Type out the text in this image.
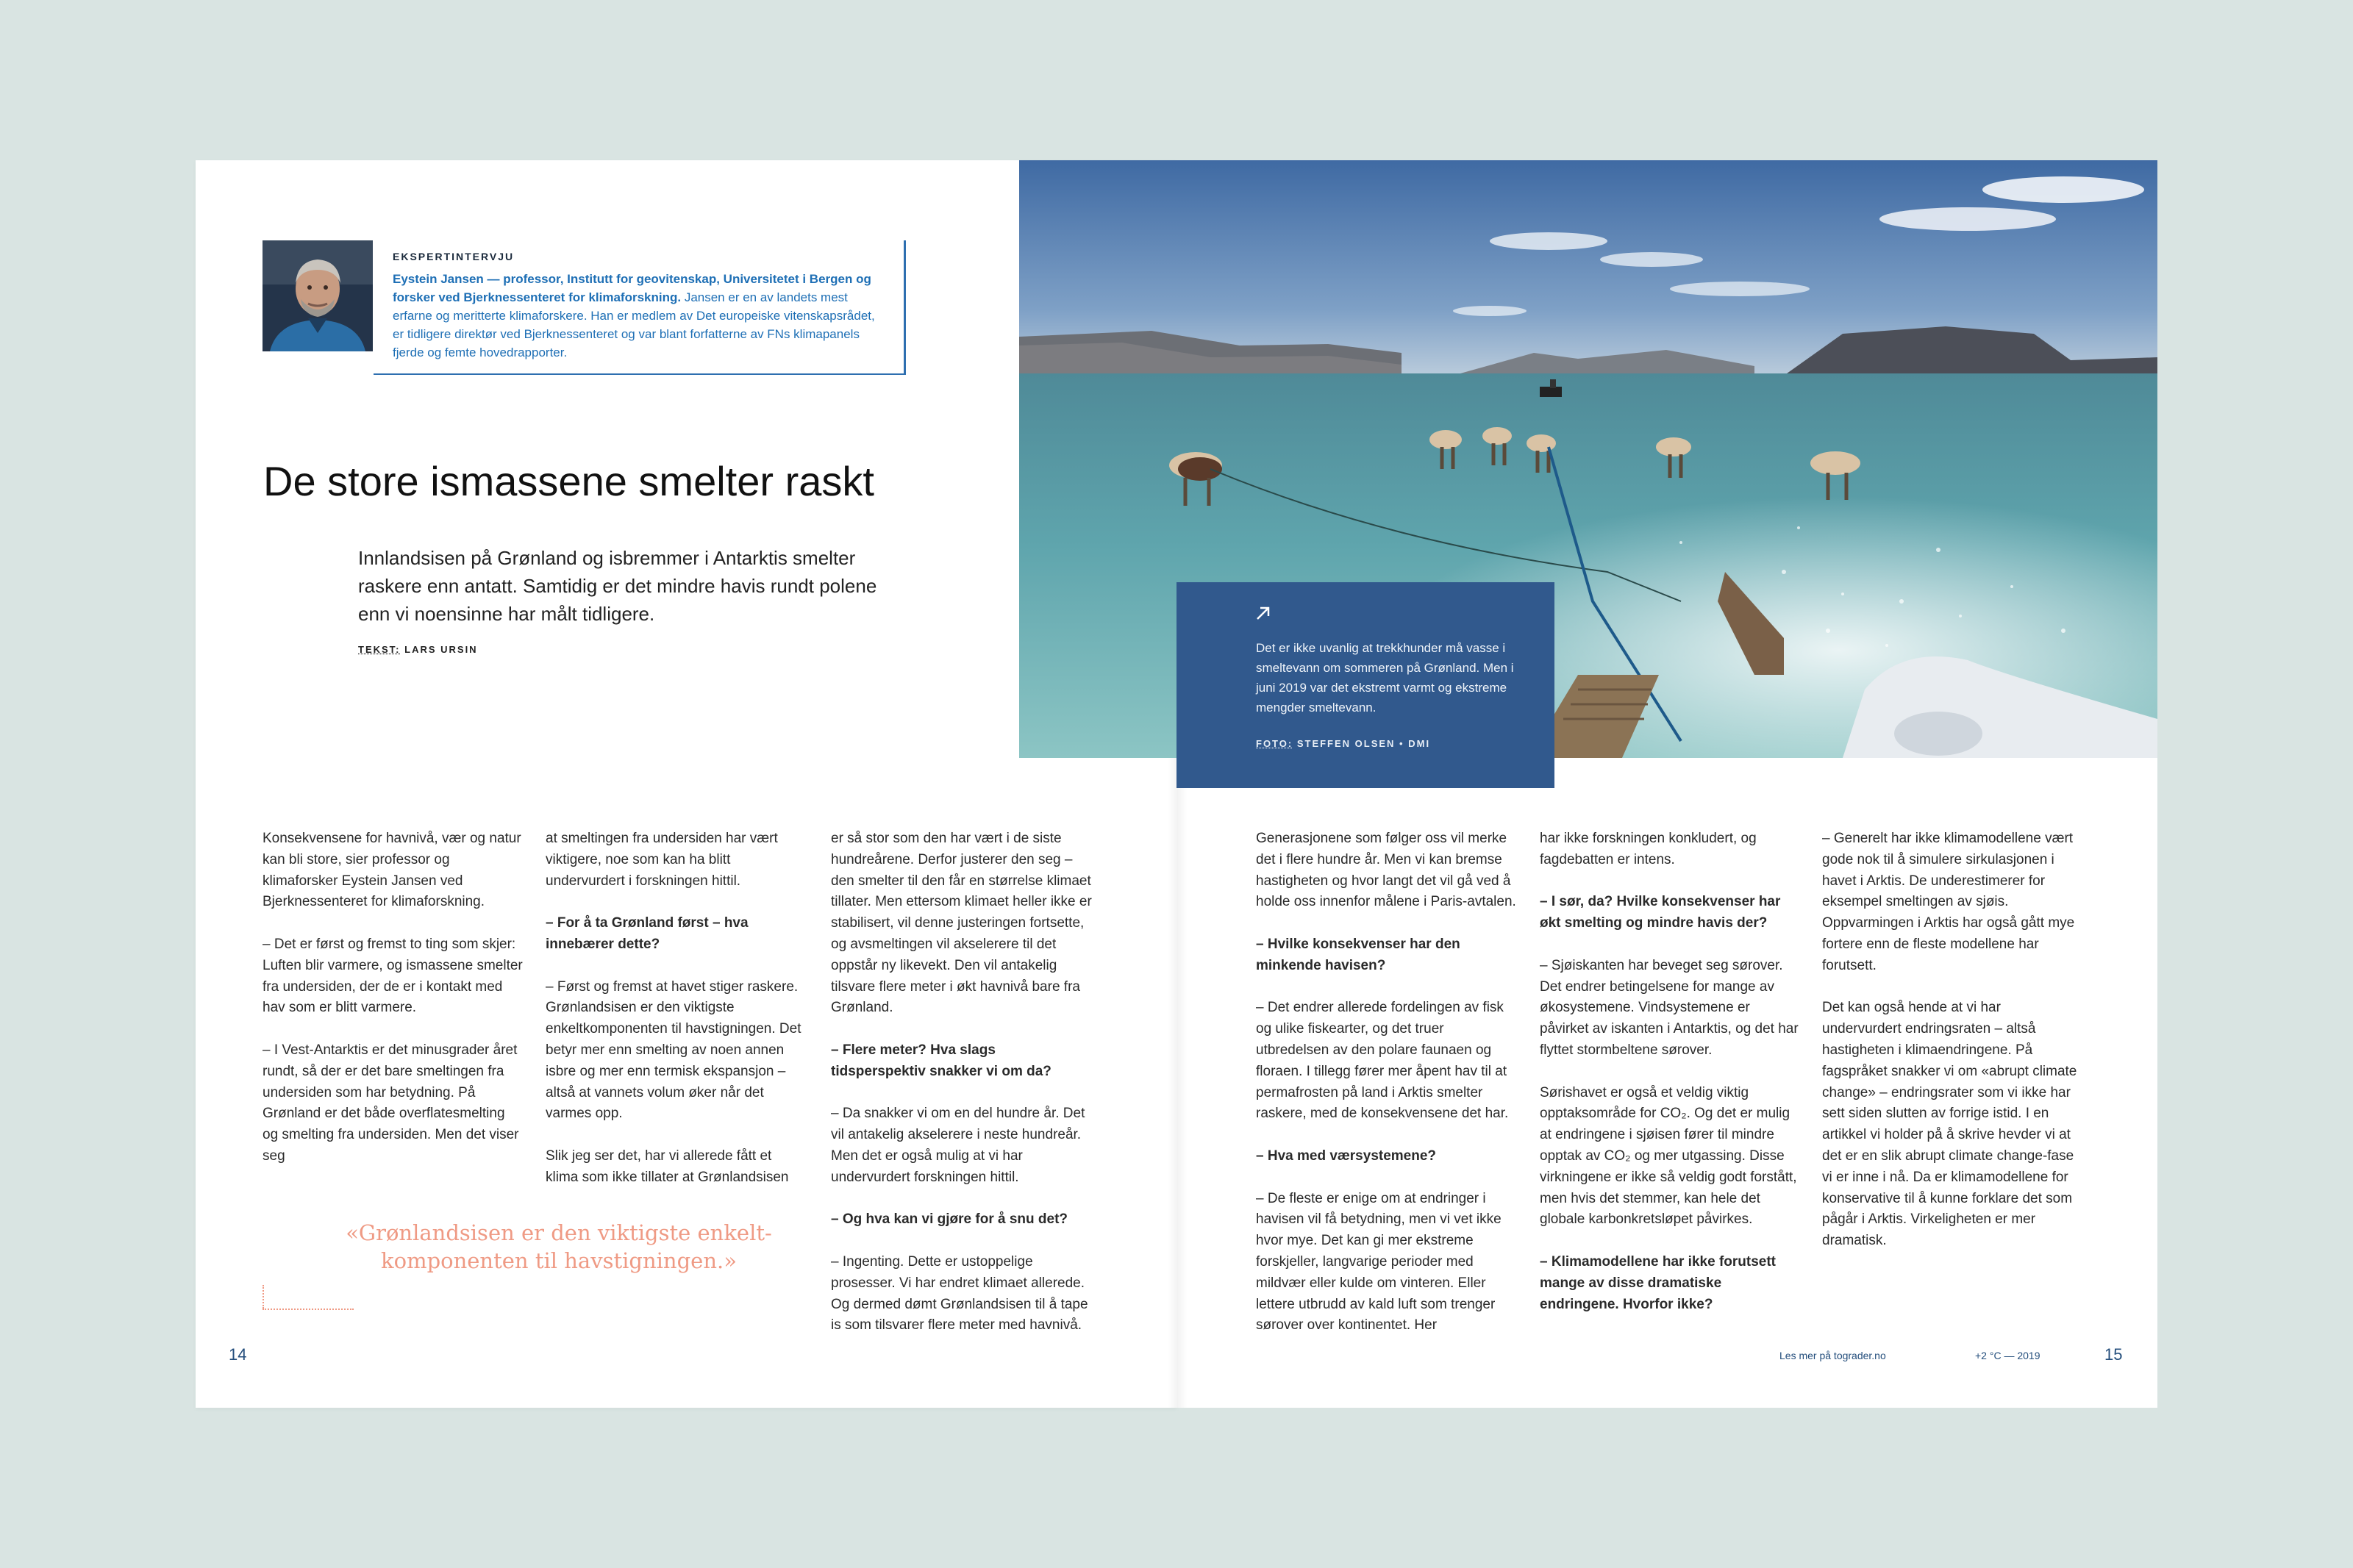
EKSPERTINTERVJU
Eystein Jansen — professor, Institutt for geovitenskap, Universitetet i Bergen og forsker ved Bjerknessenteret for klimaforskning. Jansen er en av landets mest erfarne og meritterte klimaforskere. Han er medlem av Det europeiske vitenskapsrådet, er tidligere direktør ved Bjerknessenteret og var blant forfatterne av FNs klimapanels fjerde og femte hovedrapporter.
De store ismassene smelter raskt
Innlandsisen på Grønland og isbremmer i Antarktis smelter raskere enn antatt. Samtidig er det mindre havis rundt polene enn vi noensinne har målt tidligere.
TEKST: LARS URSIN	Det er ikke uvanlig at trekkhunder må vasse i smeltevann om sommeren på Grønland. Men i juni 2019 var det ekstremt varmt og ekstreme mengder smeltevann.
FOTO: STEFFEN OLSEN • DMI

Konsekvensene for havnivå, vær og natur kan bli store, sier professor og klimaforsker Eystein Jansen ved Bjerknessenteret for klimaforskning.

– Det er først og fremst to ting som skjer: Luften blir varmere, og ismassene smelter fra undersiden, der de er i kontakt med hav som er blitt varmere.

– I Vest-Antarktis er det minusgrader året rundt, så der er det bare smeltingen fra undersiden som har betydning. På Grønland er det både overflatesmelting og smelting fra undersiden. Men det viser seg

at smeltingen fra undersiden har vært viktigere, noe som kan ha blitt undervurdert i forskningen hittil.

– For å ta Grønland først – hva innebærer dette?

– Først og fremst at havet stiger raskere. Grønlandsisen er den viktigste enkeltkomponenten til havstigningen. Det betyr mer enn smelting av noen annen isbre og mer enn termisk ekspansjon – altså at vannets volum øker når det varmes opp.

Slik jeg ser det, har vi allerede fått et klima som ikke tillater at Grønlandsisen

er så stor som den har vært i de siste hundreårene. Derfor justerer den seg – den smelter til den får en størrelse klimaet tillater. Men ettersom klimaet heller ikke er stabilisert, vil denne justeringen fortsette, og avsmeltingen vil akselerere til det oppstår ny likevekt. Den vil antakelig tilsvare flere meter i økt havnivå bare fra Grønland.

– Flere meter? Hva slags tidsperspektiv snakker vi om da?

– Da snakker vi om en del hundre år. Det vil antakelig akselerere i neste hundreår. Men det er også mulig at vi har undervurdert forskningen hittil.

– Og hva kan vi gjøre for å snu det?

– Ingenting. Dette er ustoppelige prosesser. Vi har endret klimaet allerede. Og dermed dømt Grønlandsisen til å tape is som tilsvarer flere meter med havnivå.

Generasjonene som følger oss vil merke det i flere hundre år. Men vi kan bremse hastigheten og hvor langt det vil gå ved å holde oss innenfor målene i Paris-avtalen.

– Hvilke konsekvenser har den minkende havisen?

– Det endrer allerede fordelingen av fisk og ulike fiskearter, og det truer utbredelsen av den polare faunaen og floraen. I tillegg fører mer åpent hav til at permafrosten på land i Arktis smelter raskere, med de konsekvensene det har.

– Hva med værsystemene?

– De fleste er enige om at endringer i havisen vil få betydning, men vi vet ikke hvor mye. Det kan gi mer ekstreme forskjeller, langvarige perioder med mildvær eller kulde om vinteren. Eller lettere utbrudd av kald luft som trenger sørover over kontinentet. Her

har ikke forskningen konkludert, og fagdebatten er intens.

– I sør, da? Hvilke konsekvenser har økt smelting og mindre havis der?

– Sjøiskanten har beveget seg sørover. Det endrer betingelsene for mange av økosystemene. Vindsystemene er påvirket av iskanten i Antarktis, og det har flyttet stormbeltene sørover.

Sørishavet er også et veldig viktig opptaksområde for CO₂. Og det er mulig at endringene i sjøisen fører til mindre opptak av CO₂ og mer utgassing. Disse virkningene er ikke så veldig godt forstått, men hvis det stemmer, kan hele det globale karbonkretsløpet påvirkes.

– Klimamodellene har ikke forutsett mange av disse dramatiske endringene. Hvorfor ikke?

– Generelt har ikke klimamodellene vært gode nok til å simulere sirkulasjonen i havet i Arktis. De underestimerer for eksempel smeltingen av sjøis. Oppvarmingen i Arktis har også gått mye fortere enn de fleste modellene har forutsett.

Det kan også hende at vi har undervurdert endringsraten – altså hastigheten i klimaendringene. På fagspråket snakker vi om «abrupt climate change» – endringsrater som vi ikke har sett siden slutten av forrige istid. I en artikkel vi holder på å skrive hevder vi at det er en slik abrupt climate change-fase vi er inne i nå. Da er klimamodellene for konservative til å kunne forklare det som pågår i Arktis. Virkeligheten er mer dramatisk.

«Grønlandsisen er den viktigste enkelt-
komponenten til havstigningen.»
14	Les mer på tograder.no	+2 °C — 2019	15
